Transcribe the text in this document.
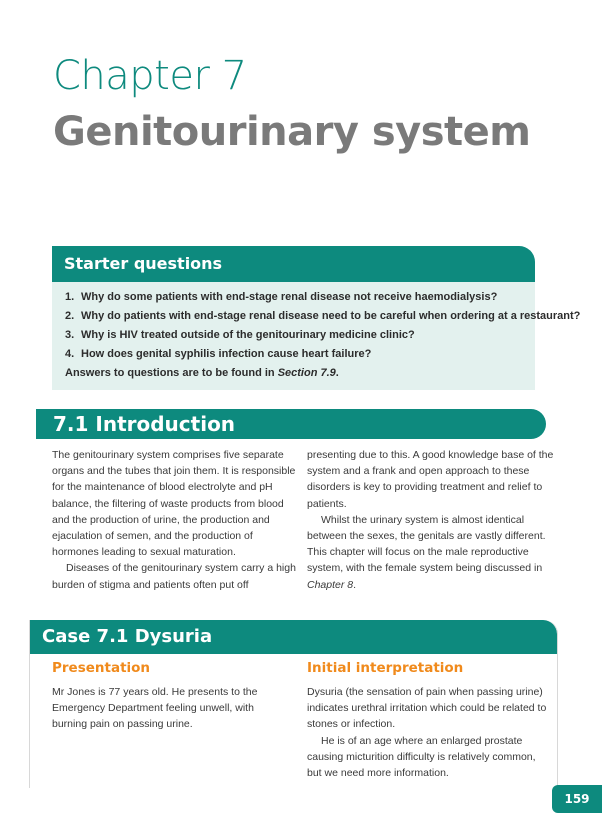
Chapter 7
Genitourinary system
Starter questions
1. Why do some patients with end-stage renal disease not receive haemodialysis?
2. Why do patients with end-stage renal disease need to be careful when ordering at a restaurant?
3. Why is HIV treated outside of the genitourinary medicine clinic?
4. How does genital syphilis infection cause heart failure?
Answers to questions are to be found in Section 7.9.
7.1 Introduction

The genitourinary system comprises five separate organs and the tubes that join them. It is responsible for the maintenance of blood electrolyte and pH balance, the filtering of waste products from blood and the production of urine, the production and ejaculation of semen, and the production of hormones leading to sexual maturation.

Diseases of the genitourinary system carry a high burden of stigma and patients often put off

presenting due to this. A good knowledge base of the system and a frank and open approach to these disorders is key to providing treatment and relief to patients.

Whilst the urinary system is almost identical between the sexes, the genitals are vastly different. This chapter will focus on the male reproductive system, with the female system being discussed in Chapter 8.

Case 7.1 Dysuria
Presentation

Mr Jones is 77 years old. He presents to the Emergency Department feeling unwell, with burning pain on passing urine.

Initial interpretation

Dysuria (the sensation of pain when passing urine) indicates urethral irritation which could be related to stones or infection.

He is of an age where an enlarged prostate causing micturition difficulty is relatively common, but we need more information.

159
